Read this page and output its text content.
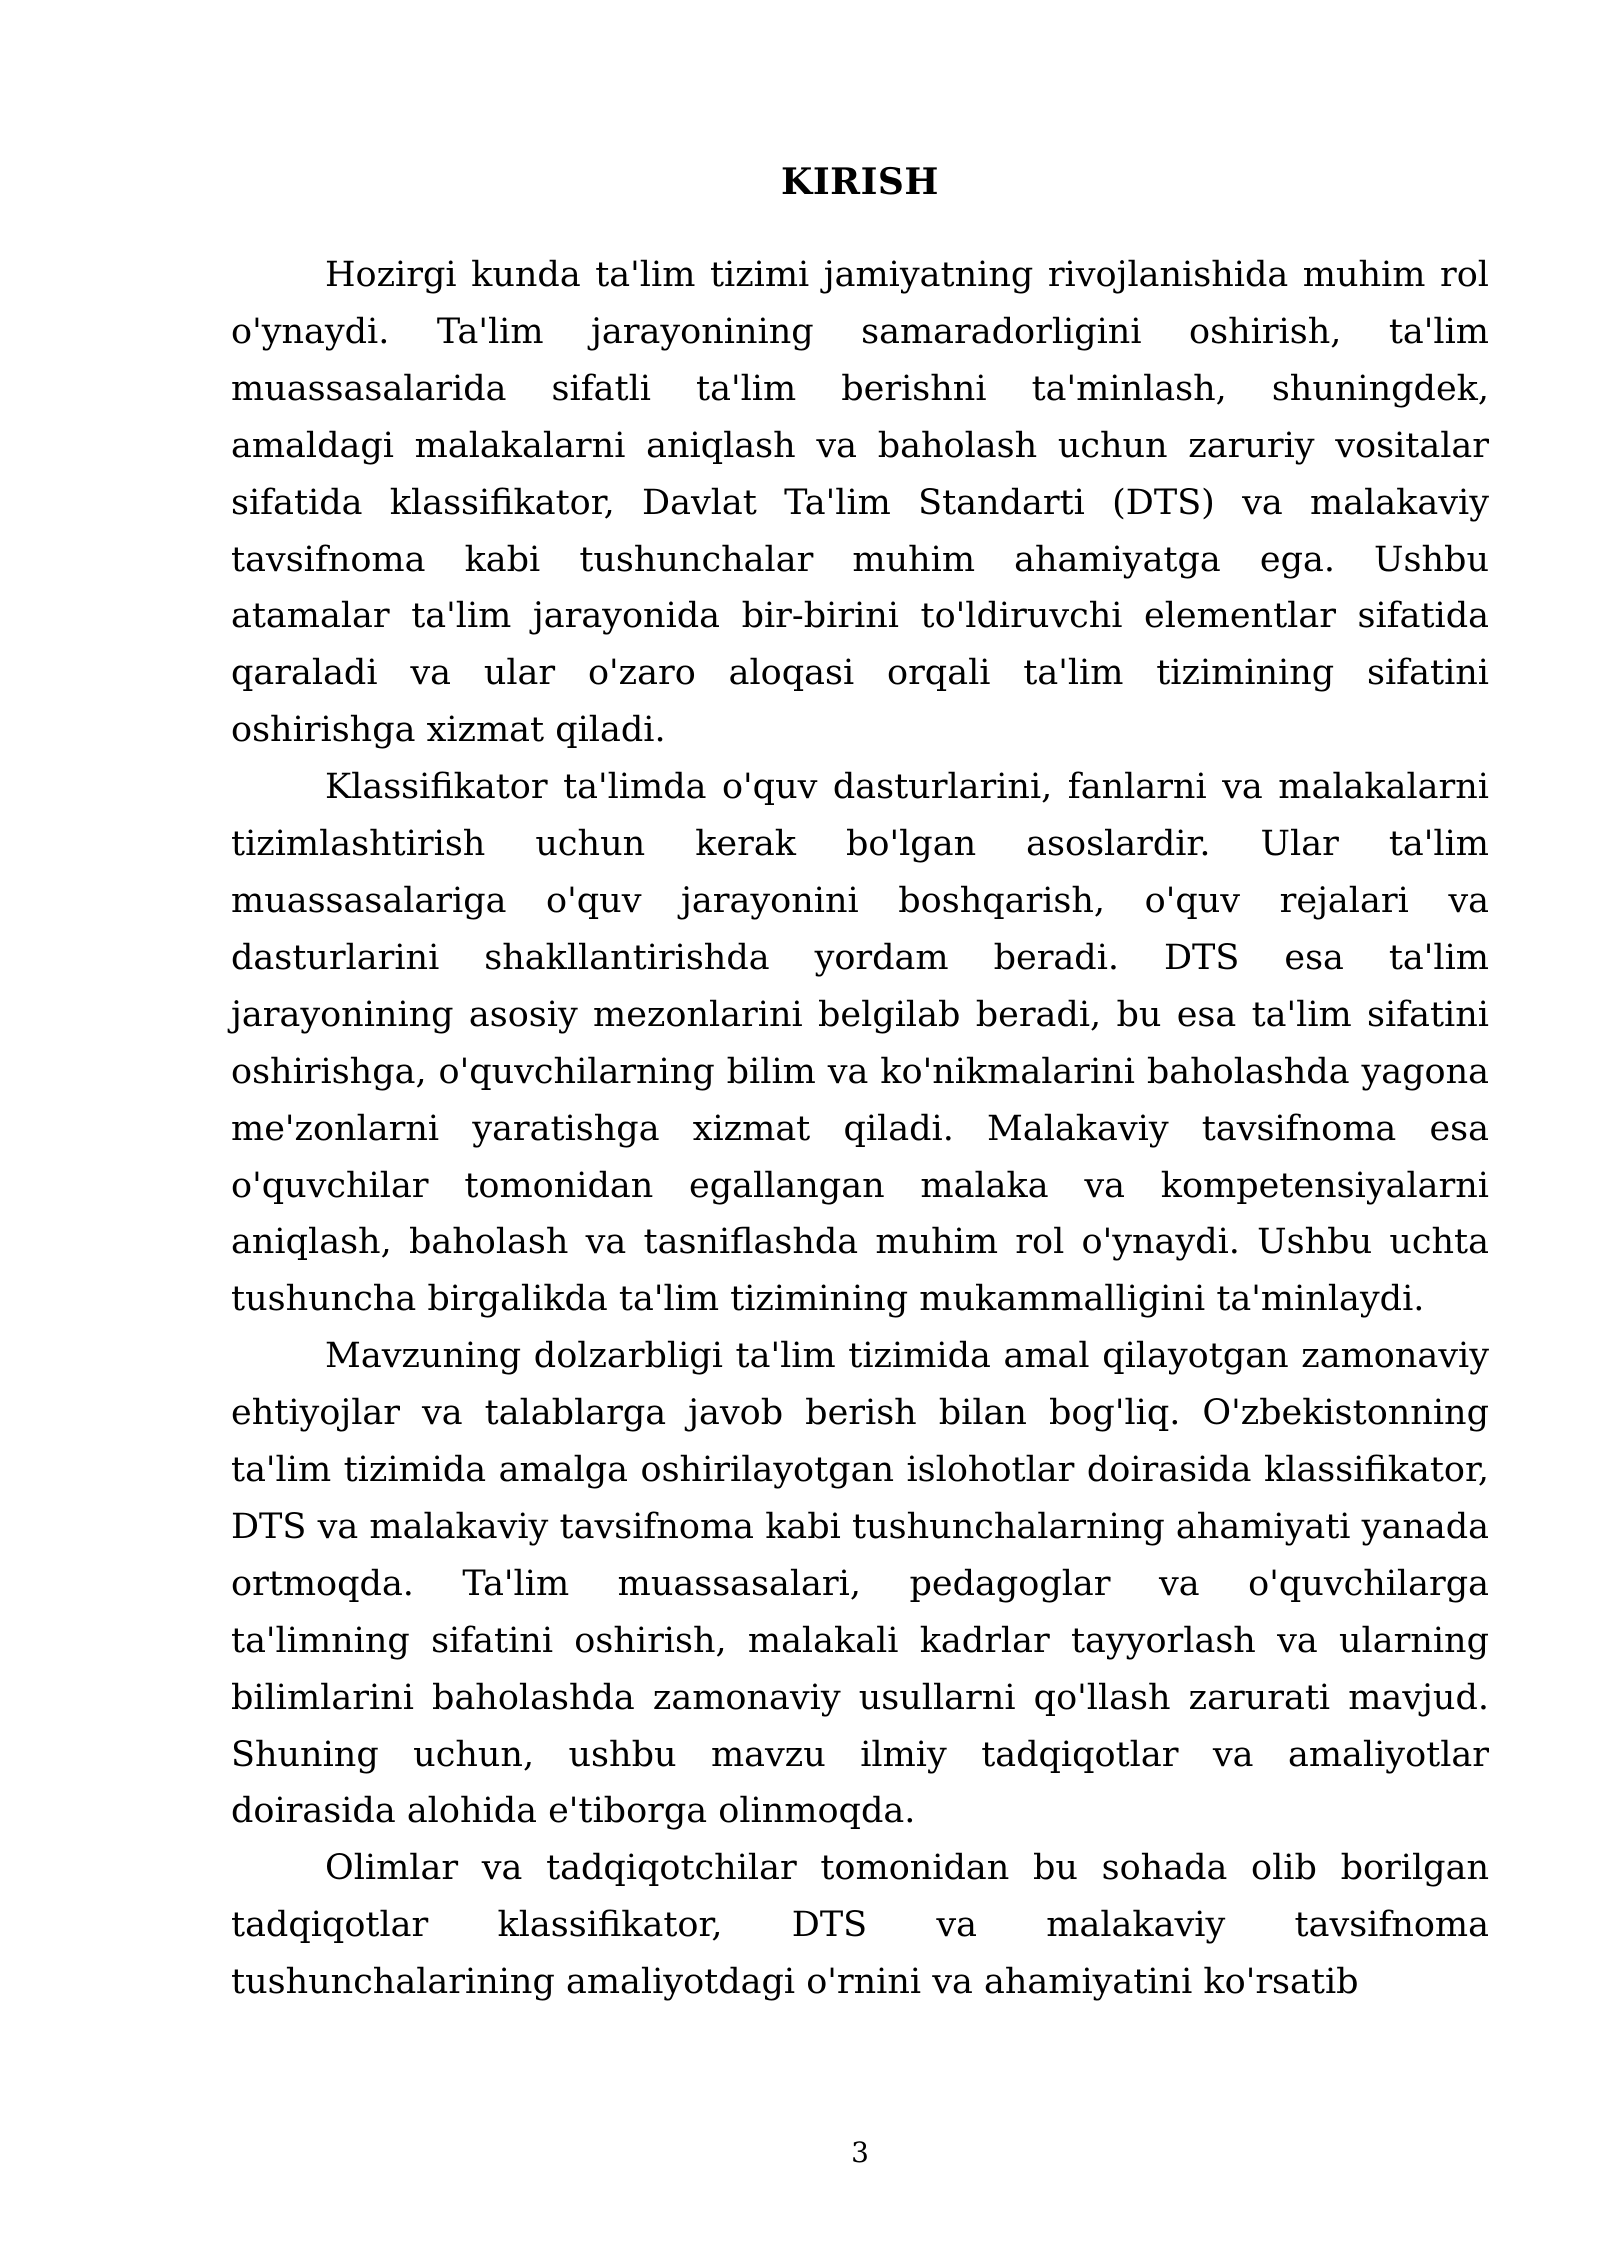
KIRISH

Hozirgi kunda ta'lim tizimi jamiyatning rivojlanishida muhim rol o'ynaydi. Ta'lim jarayonining samaradorligini oshirish, ta'lim muassasalarida sifatli ta'lim berishni ta'minlash, shuningdek, amaldagi malakalarni aniqlash va baholash uchun zaruriy vositalar sifatida klassifikator, Davlat Ta'lim Standarti (DTS) va malakaviy tavsifnoma kabi tushunchalar muhim ahamiyatga ega. Ushbu atamalar ta'lim jarayonida bir-birini to'ldiruvchi elementlar sifatida qaraladi va ular o'zaro aloqasi orqali ta'lim tizimining sifatini oshirishga xizmat qiladi.

Klassifikator ta'limda o'quv dasturlarini, fanlarni va malakalarni tizimlashtirish uchun kerak bo'lgan asoslardir. Ular ta'lim muassasalariga o'quv jarayonini boshqarish, o'quv rejalari va dasturlarini shakllantirishda yordam beradi. DTS esa ta'lim jarayonining asosiy mezonlarini belgilab beradi, bu esa ta'lim sifatini oshirishga, o'quvchilarning bilim va ko'nikmalarini baholashda yagona me'zonlarni yaratishga xizmat qiladi. Malakaviy tavsifnoma esa o'quvchilar tomonidan egallangan malaka va kompetensiyalarni aniqlash, baholash va tasniflashda muhim rol o'ynaydi. Ushbu uchta tushuncha birgalikda ta'lim tizimining mukammalligini ta'minlaydi.

Mavzuning dolzarbligi ta'lim tizimida amal qilayotgan zamonaviy ehtiyojlar va talablarga javob berish bilan bog'liq. O'zbekistonning ta'lim tizimida amalga oshirilayotgan islohotlar doirasida klassifikator, DTS va malakaviy tavsifnoma kabi tushunchalarning ahamiyati yanada ortmoqda. Ta'lim muassasalari, pedagoglar va o'quvchilarga ta'limning sifatini oshirish, malakali kadrlar tayyorlash va ularning bilimlarini baholashda zamonaviy usullarni qo'llash zarurati mavjud. Shuning uchun, ushbu mavzu ilmiy tadqiqotlar va amaliyotlar doirasida alohida e'tiborga olinmoqda.

Olimlar va tadqiqotchilar tomonidan bu sohada olib borilgan tadqiqotlar klassifikator, DTS va malakaviy tavsifnoma tushunchalarining amaliyotdagi o'rnini va ahamiyatini ko'rsatib

3
